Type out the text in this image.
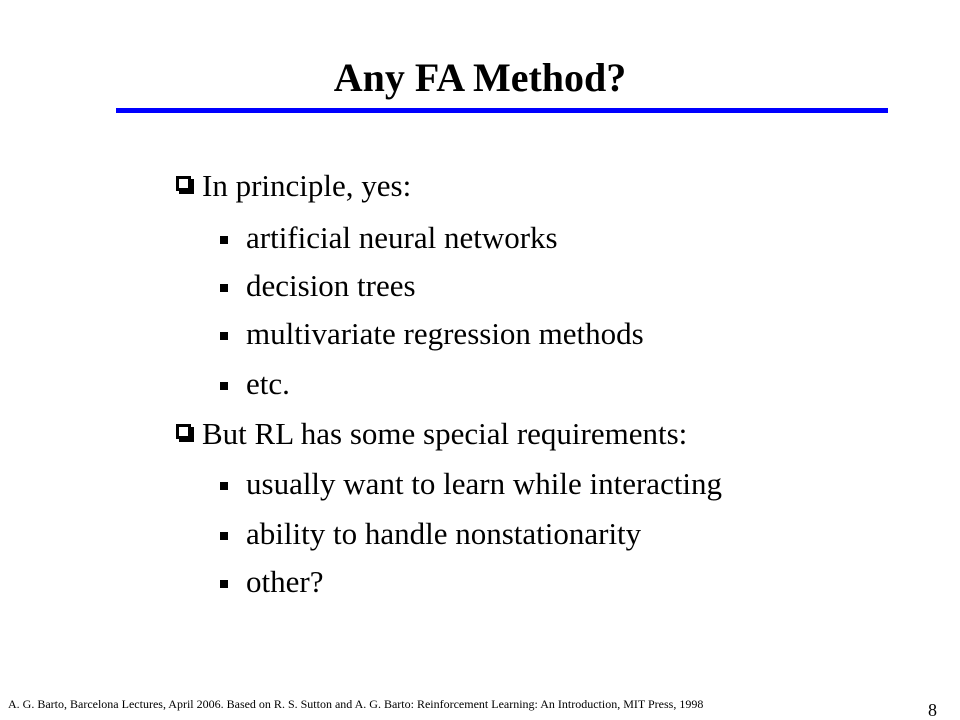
Any FA Method?
In principle, yes:
artificial neural networks
decision trees
multivariate regression methods
etc.
But RL has some special requirements:
usually want to learn while interacting
ability to handle nonstationarity
other?
A. G. Barto, Barcelona Lectures, April 2006. Based on R. S. Sutton and A. G. Barto: Reinforcement Learning: An Introduction, MIT Press, 1998	8
